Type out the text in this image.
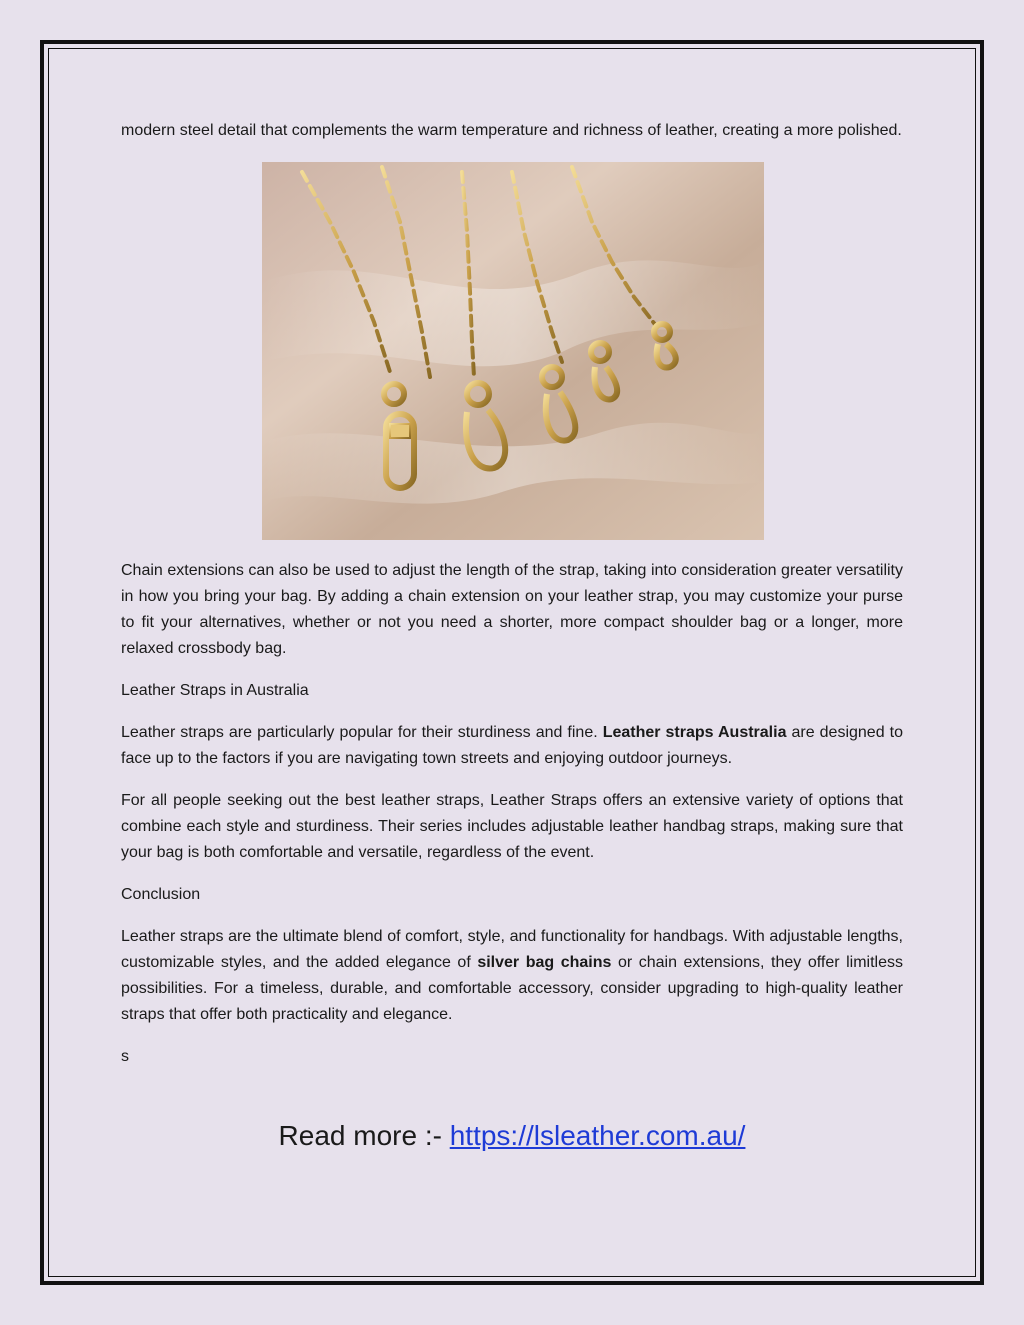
modern steel detail that complements the warm temperature and richness of leather, creating a more polished.

Chain extensions can also be used to adjust the length of the strap, taking into consideration greater versatility in how you bring your bag. By adding a chain extension on your leather strap, you may customize your purse to fit your alternatives, whether or not you need a shorter, more compact shoulder bag or a longer, more relaxed crossbody bag.

Leather Straps in Australia

Leather straps are particularly popular for their sturdiness and fine. Leather straps Australia are designed to face up to the factors if you are navigating town streets and enjoying outdoor journeys.

For all people seeking out the best leather straps, Leather Straps offers an extensive variety of options that combine each style and sturdiness. Their series includes adjustable leather handbag straps, making sure that your bag is both comfortable and versatile, regardless of the event.

Conclusion

Leather straps are the ultimate blend of comfort, style, and functionality for handbags. With adjustable lengths, customizable styles, and the added elegance of silver bag chains or chain extensions, they offer limitless possibilities. For a timeless, durable, and comfortable accessory, consider upgrading to high-quality leather straps that offer both practicality and elegance.

s

Read more :- https://lsleather.com.au/
